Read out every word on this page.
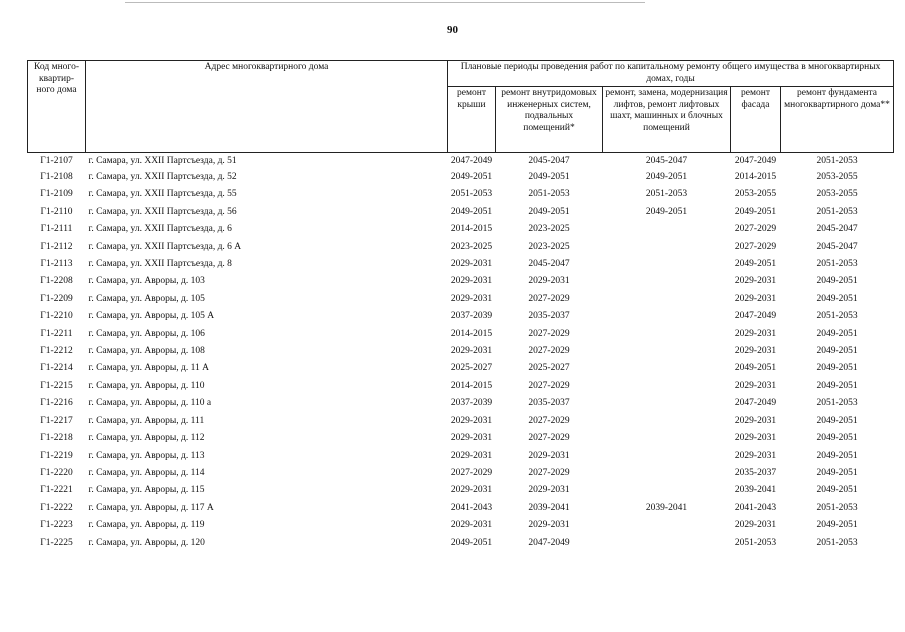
90
Код много-квартир-ного дома	Адрес многоквартирного дома	Плановые периоды проведения работ по капитальному ремонту общего имущества в многоквартирных домах, годы				
		ремонт крыши	ремонт внутридомовых инженерных систем, подвальных помещений*	ремонт, замена, модернизация лифтов, ремонт лифтовых шахт, машинных и блочных помещений	ремонт фасада	ремонт фундамента многоквартирного дома**
Г1-2107	г. Самара, ул. XXII Партсъезда, д. 51	2047-2049	2045-2047	2045-2047	2047-2049	2051-2053
Г1-2108	г. Самара, ул. XXII Партсъезда, д. 52	2049-2051	2049-2051	2049-2051	2014-2015	2053-2055
Г1-2109	г. Самара, ул. XXII Партсъезда, д. 55	2051-2053	2051-2053	2051-2053	2053-2055	2053-2055
Г1-2110	г. Самара, ул. XXII Партсъезда, д. 56	2049-2051	2049-2051	2049-2051	2049-2051	2051-2053
Г1-2111	г. Самара, ул. XXII Партсъезда, д. 6	2014-2015	2023-2025		2027-2029	2045-2047
Г1-2112	г. Самара, ул. XXII Партсъезда, д. 6 А	2023-2025	2023-2025		2027-2029	2045-2047
Г1-2113	г. Самара, ул. XXII Партсъезда, д. 8	2029-2031	2045-2047		2049-2051	2051-2053
Г1-2208	г. Самара, ул. Авроры, д. 103	2029-2031	2029-2031		2029-2031	2049-2051
Г1-2209	г. Самара, ул. Авроры, д. 105	2029-2031	2027-2029		2029-2031	2049-2051
Г1-2210	г. Самара, ул. Авроры, д. 105 А	2037-2039	2035-2037		2047-2049	2051-2053
Г1-2211	г. Самара, ул. Авроры, д. 106	2014-2015	2027-2029		2029-2031	2049-2051
Г1-2212	г. Самара, ул. Авроры, д. 108	2029-2031	2027-2029		2029-2031	2049-2051
Г1-2214	г. Самара, ул. Авроры, д. 11 А	2025-2027	2025-2027		2049-2051	2049-2051
Г1-2215	г. Самара, ул. Авроры, д. 110	2014-2015	2027-2029		2029-2031	2049-2051
Г1-2216	г. Самара, ул. Авроры, д. 110 а	2037-2039	2035-2037		2047-2049	2051-2053
Г1-2217	г. Самара, ул. Авроры, д. 111	2029-2031	2027-2029		2029-2031	2049-2051
Г1-2218	г. Самара, ул. Авроры, д. 112	2029-2031	2027-2029		2029-2031	2049-2051
Г1-2219	г. Самара, ул. Авроры, д. 113	2029-2031	2029-2031		2029-2031	2049-2051
Г1-2220	г. Самара, ул. Авроры, д. 114	2027-2029	2027-2029		2035-2037	2049-2051
Г1-2221	г. Самара, ул. Авроры, д. 115	2029-2031	2029-2031		2039-2041	2049-2051
Г1-2222	г. Самара, ул. Авроры, д. 117 А	2041-2043	2039-2041	2039-2041	2041-2043	2051-2053
Г1-2223	г. Самара, ул. Авроры, д. 119	2029-2031	2029-2031		2029-2031	2049-2051
Г1-2225	г. Самара, ул. Авроры, д. 120	2049-2051	2047-2049		2051-2053	2051-2053
